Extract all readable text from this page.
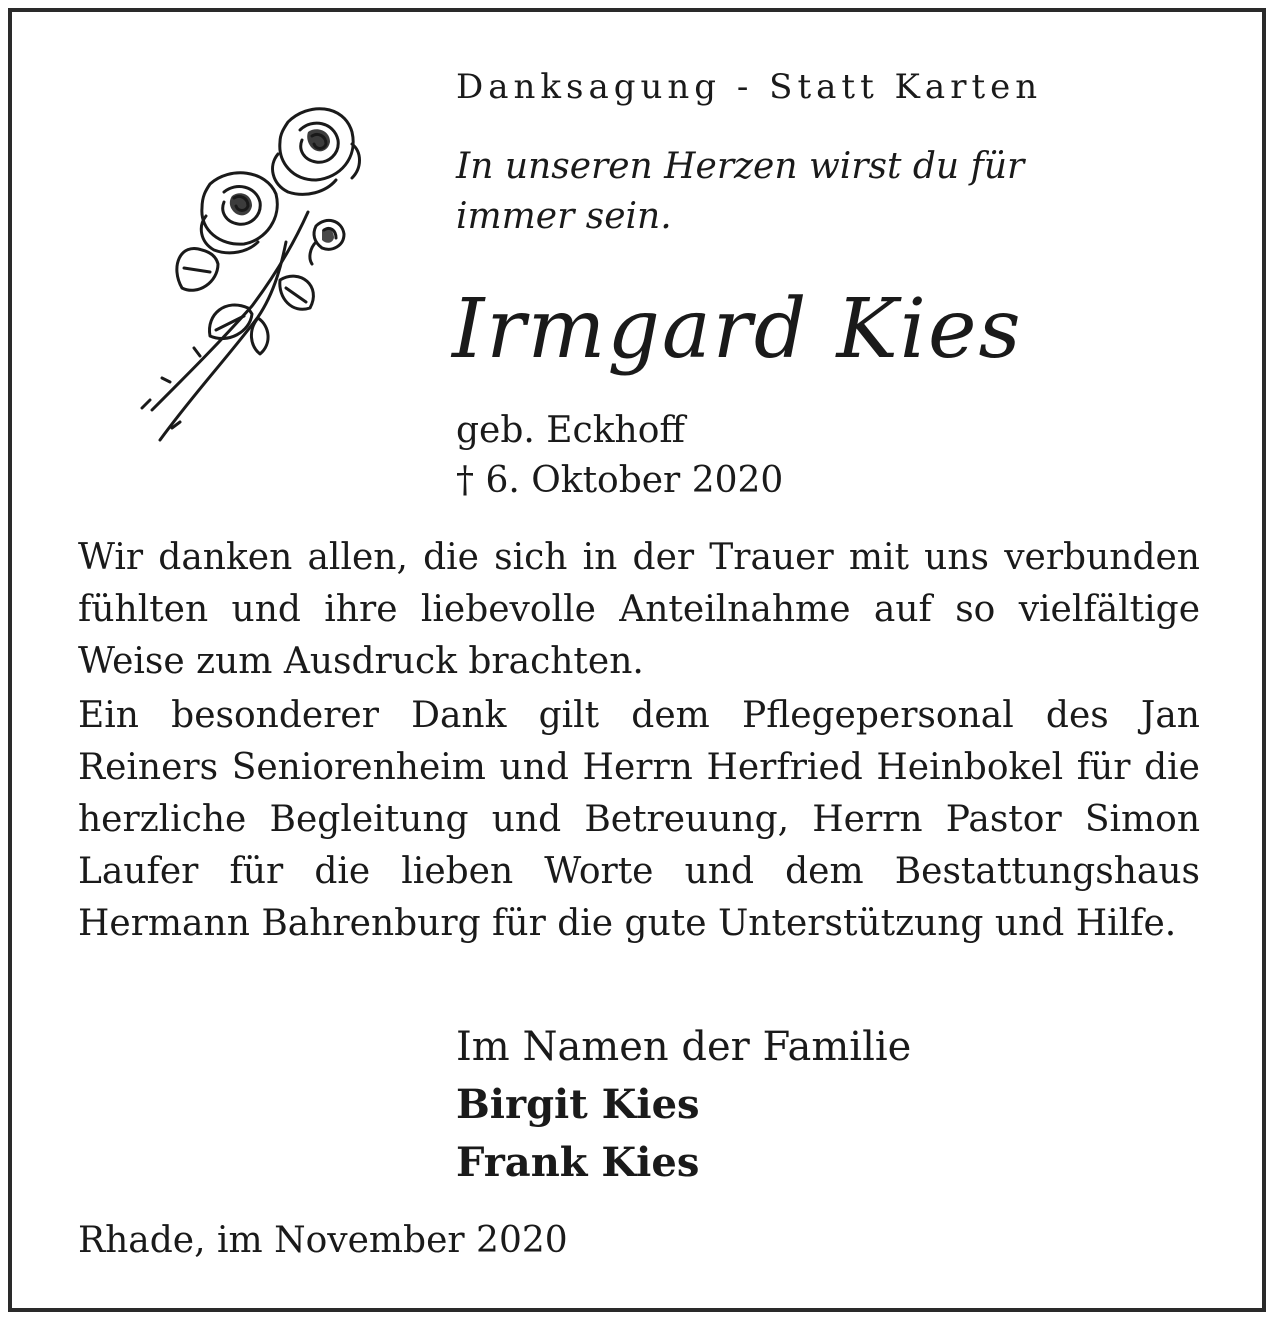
Danksagung - Statt Karten
In unseren Herzen wirst du für immer sein.
Irmgard Kies
geb. Eckhoff
† 6. Oktober 2020
Wir danken allen, die sich in der Trauer mit uns verbunden fühlten und ihre liebevolle Anteilnahme auf so vielfältige Weise zum Ausdruck brachten.
Ein besonderer Dank gilt dem Pflegepersonal des Jan Reiners Seniorenheim und Herrn Herfried Heinbokel für die herzliche Begleitung und Betreuung, Herrn Pastor Simon Laufer für die lieben Worte und dem Bestattungshaus Hermann Bahrenburg für die gute Unterstützung und Hilfe.
Im Namen der Familie
Birgit Kies
Frank Kies
Rhade, im November 2020
